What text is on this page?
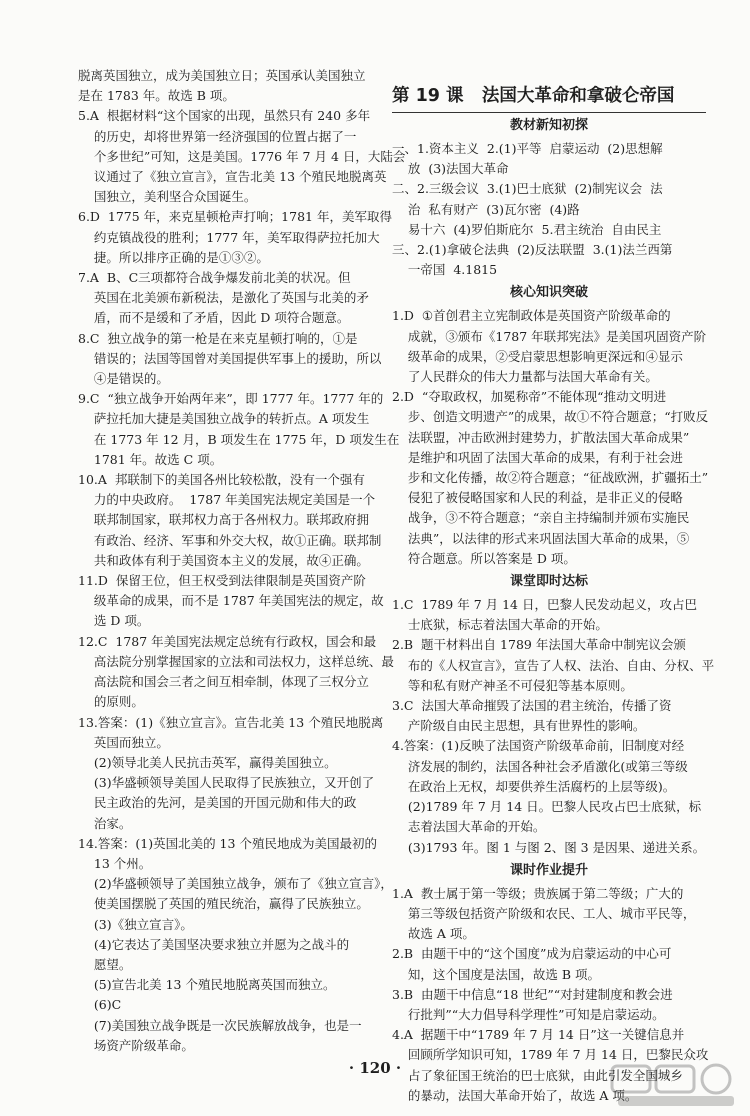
脱离英国独立，成为美国独立日；英国承认美国独立

是在 1783 年。故选 B 项。

5.A  根据材料“这个国家的出现，虽然只有 240 多年

的历史，却将世界第一经济强国的位置占据了一

个多世纪”可知，这是美国。1776 年 7 月 4 日，大陆会

议通过了《独立宣言》，宣告北美 13 个殖民地脱离英

国独立，美利坚合众国诞生。

6.D  1775 年，来克星顿枪声打响；1781 年，美军取得

约克镇战役的胜利；1777 年，美军取得萨拉托加大

捷。所以排序正确的是①③②。

7.A  B、C三项都符合战争爆发前北美的状况。但

英国在北美颁布新税法，是激化了英国与北美的矛

盾，而不是缓和了矛盾，因此 D 项符合题意。

8.C  独立战争的第一枪是在来克星顿打响的，①是

错误的；法国等国曾对美国提供军事上的援助，所以

④是错误的。

9.C  “独立战争开始两年来”，即 1777 年。1777 年的

萨拉托加大捷是美国独立战争的转折点。A 项发生

在 1773 年 12 月，B 项发生在 1775 年，D 项发生在

1781 年。故选 C 项。

10.A  邦联制下的美国各州比较松散，没有一个强有

力的中央政府。  1787 年美国宪法规定美国是一个

联邦制国家，联邦权力高于各州权力。联邦政府拥

有政治、经济、军事和外交大权，故①正确。联邦制

共和政体有利于美国资本主义的发展，故④正确。

11.D  保留王位，但王权受到法律限制是英国资产阶

级革命的成果，而不是 1787 年美国宪法的规定，故

选 D 项。

12.C  1787 年美国宪法规定总统有行政权，国会和最

高法院分别掌握国家的立法和司法权力，这样总统、最

高法院和国会三者之间互相牵制，体现了三权分立

的原则。

13.答案：(1)《独立宣言》。宣告北美 13 个殖民地脱离

英国而独立。

(2)领导北美人民抗击英军，赢得美国独立。

(3)华盛顿领导美国人民取得了民族独立，又开创了

民主政治的先河，是美国的开国元勋和伟大的政

治家。

14.答案：(1)英国北美的 13 个殖民地成为美国最初的

13 个州。

(2)华盛顿领导了美国独立战争，颁布了《独立宣言》，

使美国摆脱了英国的殖民统治，赢得了民族独立。

(3)《独立宣言》。

(4)它表达了美国坚决要求独立并愿为之战斗的

愿望。

(5)宣告北美 13 个殖民地脱离英国而独立。

(6)C

(7)美国独立战争既是一次民族解放战争，也是一

场资产阶级革命。

第 19 课   法国大革命和拿破仑帝国
教材新知初探

一、1.资本主义  2.(1)平等  启蒙运动  (2)思想解

放  (3)法国大革命

二、2.三级会议  3.(1)巴士底狱  (2)制宪议会  法

治  私有财产  (3)瓦尔密  (4)路

易十六  (4)罗伯斯庇尔  5.君主统治  自由民主

三、2.(1)拿破仑法典  (2)反法联盟  3.(1)法兰西第

一帝国  4.1815

核心知识突破

1.D  ①首创君主立宪制政体是英国资产阶级革命的

成就，③颁布《1787 年联邦宪法》是美国巩固资产阶

级革命的成果，②受启蒙思想影响更深远和④显示

了人民群众的伟大力量都与法国大革命有关。

2.D  “夺取政权，加冕称帝”不能体现“推动文明进

步、创造文明遗产”的成果，故①不符合题意；“打败反

法联盟，冲击欧洲封建势力，扩散法国大革命成果”

是维护和巩固了法国大革命的成果，有利于社会进

步和文化传播，故②符合题意；“征战欧洲，扩疆拓土”

侵犯了被侵略国家和人民的利益，是非正义的侵略

战争，③不符合题意；“亲自主持编制并颁布实施民

法典”，以法律的形式来巩固法国大革命的成果，⑤

符合题意。所以答案是 D 项。

课堂即时达标

1.C  1789 年 7 月 14 日，巴黎人民发动起义，攻占巴

士底狱，标志着法国大革命的开始。

2.B  题干材料出自 1789 年法国大革命中制宪议会颁

布的《人权宣言》，宣告了人权、法治、自由、分权、平

等和私有财产神圣不可侵犯等基本原则。

3.C  法国大革命摧毁了法国的君主统治，传播了资

产阶级自由民主思想，具有世界性的影响。

4.答案：(1)反映了法国资产阶级革命前，旧制度对经

济发展的制约，法国各种社会矛盾激化(或第三等级

在政治上无权，却要供养生活腐朽的上层等级)。

(2)1789 年 7 月 14 日。巴黎人民攻占巴士底狱，标

志着法国大革命的开始。

(3)1793 年。图 1 与图 2、图 3 是因果、递进关系。

课时作业提升

1.A  教士属于第一等级；贵族属于第二等级；广大的

第三等级包括资产阶级和农民、工人、城市平民等，

故选 A 项。

2.B  由题干中的“这个国度”成为启蒙运动的中心可

知，这个国度是法国，故选 B 项。

3.B  由题干中信息“18 世纪”“对封建制度和教会进

行批判”“大力倡导科学理性”可知是启蒙运动。

4.A  据题干中“1789 年 7 月 14 日”这一关键信息并

回顾所学知识可知，1789 年 7 月 14 日，巴黎民众攻

占了象征国王统治的巴士底狱，由此引发全国城乡

的暴动，法国大革命开始了，故选 A 项。

· 120 ·
